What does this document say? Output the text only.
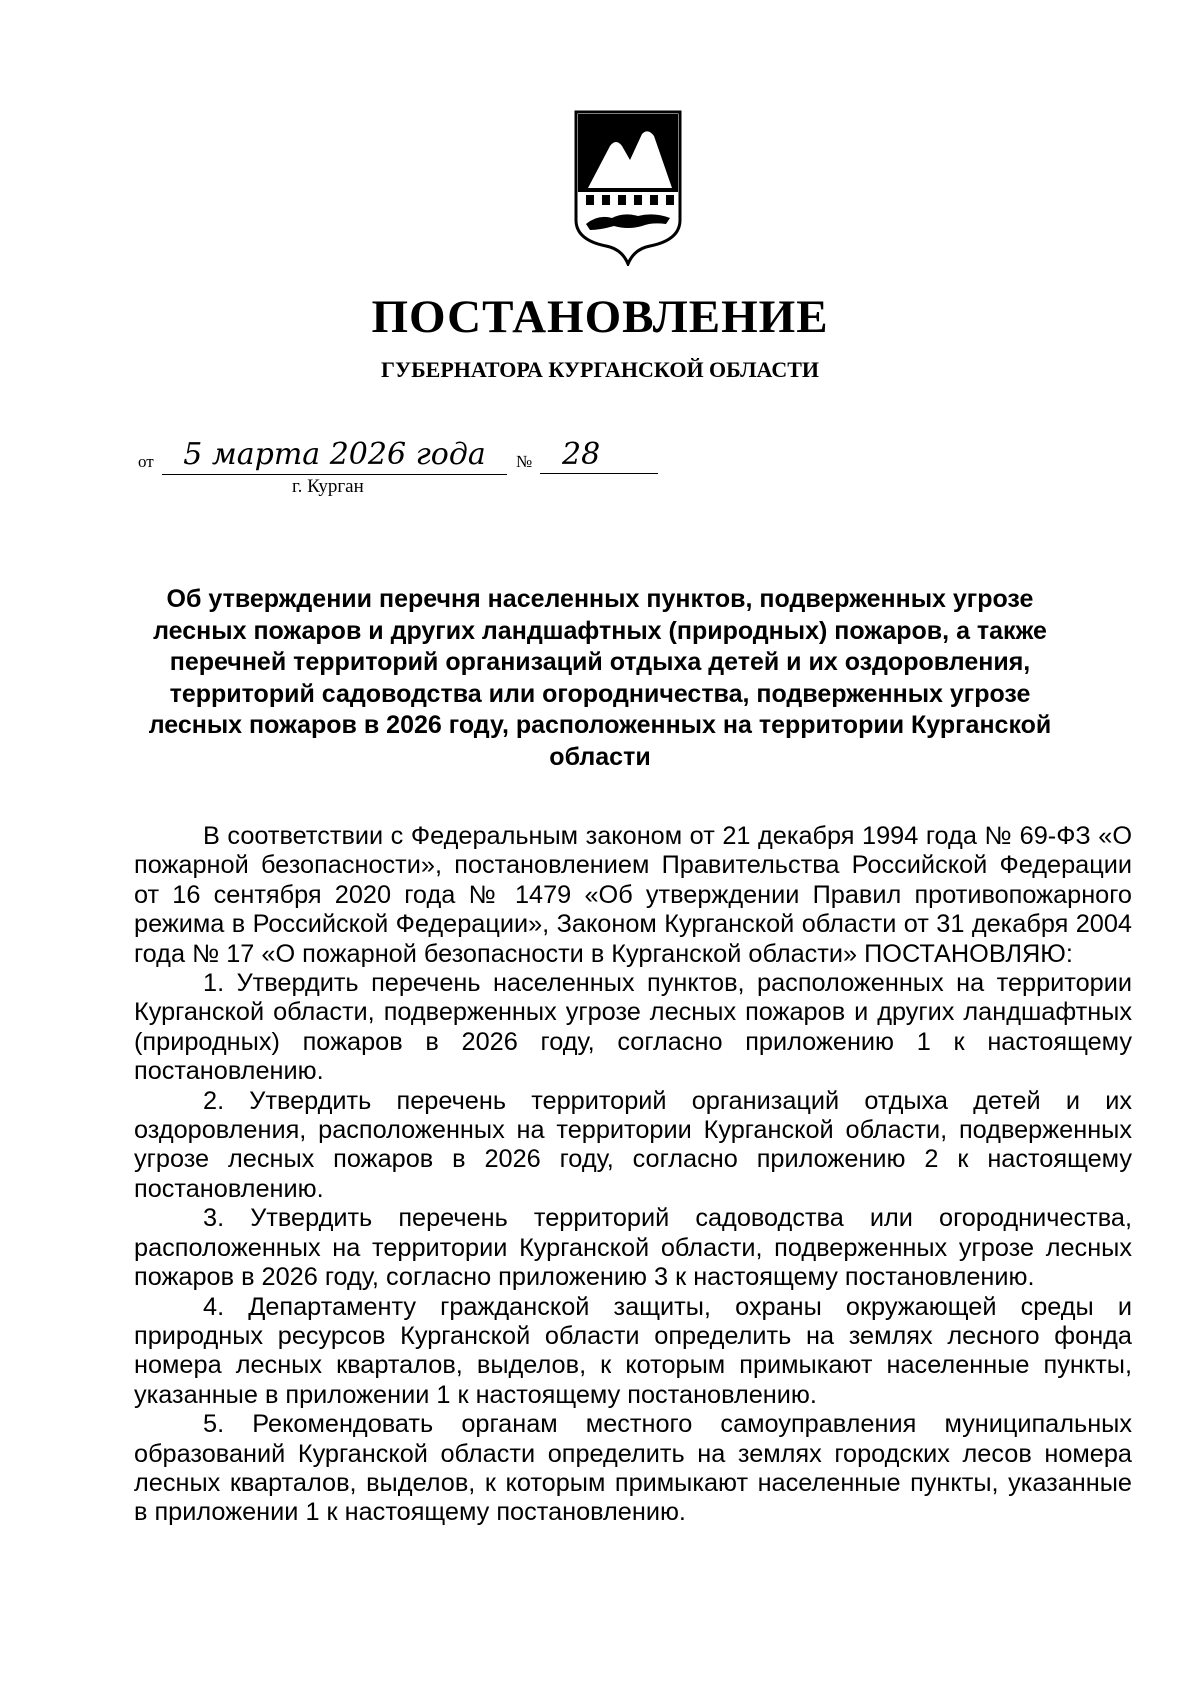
ПОСТАНОВЛЕНИЕ
ГУБЕРНАТОРА КУРГАНСКОЙ ОБЛАСТИ
от 5 марта 2026 года	№ 28
г. Курган
Об утверждении перечня населенных пунктов, подверженных угрозе лесных пожаров и других ландшафтных (природных) пожаров, а также перечней территорий организаций отдыха детей и их оздоровления, территорий садоводства или огородничества, подверженных угрозе лесных пожаров в 2026 году, расположенных на территории Курганской области

В соответствии с Федеральным законом от 21 декабря 1994 года № 69-ФЗ «О пожарной безопасности», постановлением Правительства Российской Федерации от 16 сентября 2020 года № 1479 «Об утверждении Правил противопожарного режима в Российской Федерации», Законом Курганской области от 31 декабря 2004 года № 17 «О пожарной безопасности в Курганской области» ПОСТАНОВЛЯЮ:

1. Утвердить перечень населенных пунктов, расположенных на территории Курганской области, подверженных угрозе лесных пожаров и других ландшафтных (природных) пожаров в 2026 году, согласно приложению 1 к настоящему постановлению.

2. Утвердить перечень территорий организаций отдыха детей и их оздоровления, расположенных на территории Курганской области, подверженных угрозе лесных пожаров в 2026 году, согласно приложению 2 к настоящему постановлению.

3. Утвердить перечень территорий садоводства или огородничества, расположенных на территории Курганской области, подверженных угрозе лесных пожаров в 2026 году, согласно приложению 3 к настоящему постановлению.

4. Департаменту гражданской защиты, охраны окружающей среды и природных ресурсов Курганской области определить на землях лесного фонда номера лесных кварталов, выделов, к которым примыкают населенные пункты, указанные в приложении 1 к настоящему постановлению.

5. Рекомендовать органам местного самоуправления муниципальных образований Курганской области определить на землях городских лесов номера лесных кварталов, выделов, к которым примыкают населенные пункты, указанные в приложении 1 к настоящему постановлению.
